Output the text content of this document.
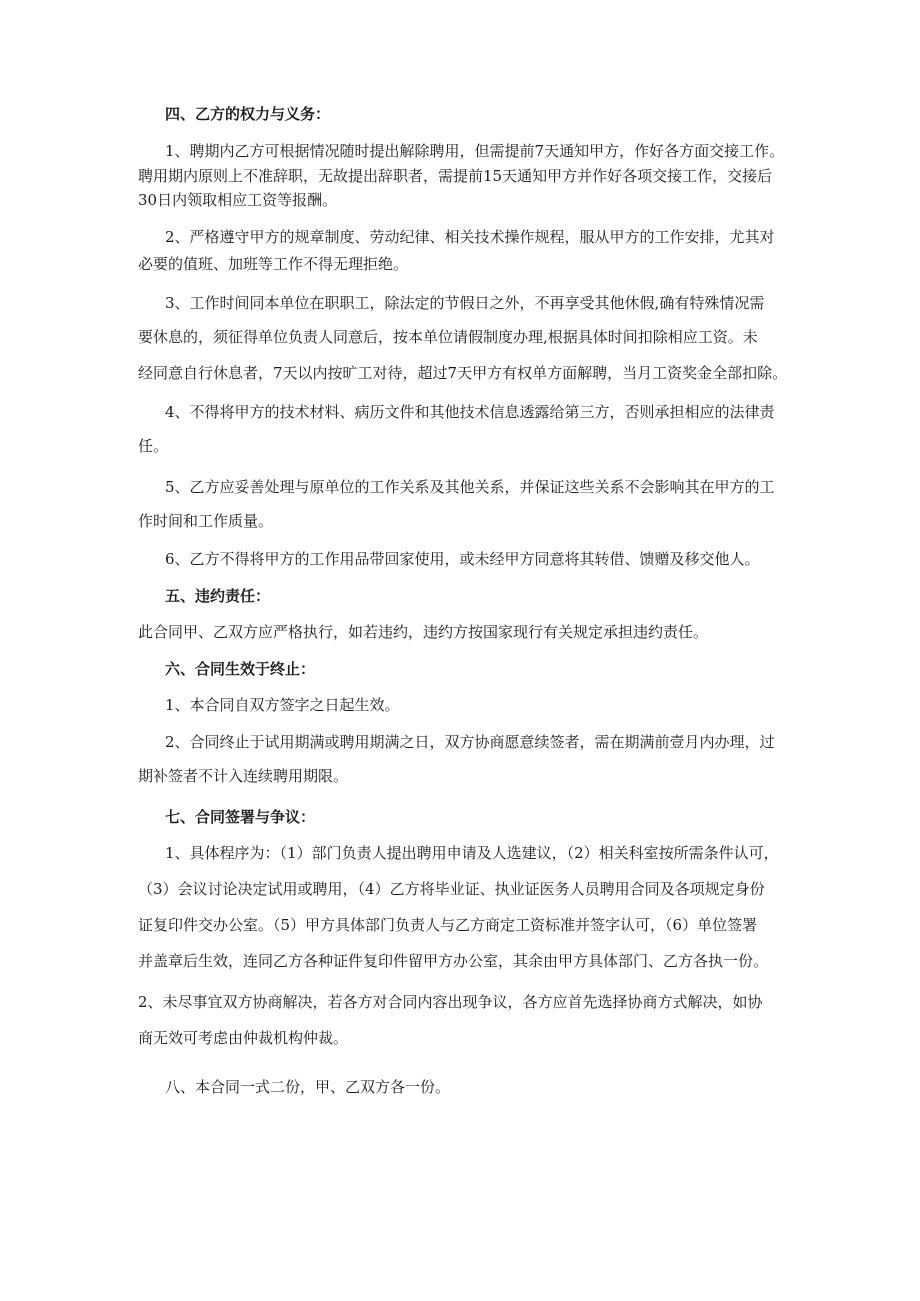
四、乙方的权力与义务：
1、聘期内乙方可根据情况随时提出解除聘用，但需提前7天通知甲方，作好各方面交接工作。
聘用期内原则上不准辞职，无故提出辞职者，需提前15天通知甲方并作好各项交接工作，交接后
30日内领取相应工资等报酬。
2、严格遵守甲方的规章制度、劳动纪律、相关技术操作规程，服从甲方的工作安排，尤其对
必要的值班、加班等工作不得无理拒绝。
3、工作时间同本单位在职职工，除法定的节假日之外，不再享受其他休假,确有特殊情况需
要休息的，须征得单位负责人同意后，按本单位请假制度办理,根据具体时间扣除相应工资。未
经同意自行休息者，7天以内按旷工对待，超过7天甲方有权单方面解聘，当月工资奖金全部扣除。
4、不得将甲方的技术材料、病历文件和其他技术信息透露给第三方，否则承担相应的法律责
任。
5、乙方应妥善处理与原单位的工作关系及其他关系，并保证这些关系不会影响其在甲方的工
作时间和工作质量。
6、乙方不得将甲方的工作用品带回家使用，或未经甲方同意将其转借、馈赠及移交他人。
五、违约责任：
此合同甲、乙双方应严格执行，如若违约，违约方按国家现行有关规定承担违约责任。
六、合同生效于终止：
1、本合同自双方签字之日起生效。
2、合同终止于试用期满或聘用期满之日，双方协商愿意续签者，需在期满前壹月内办理，过
期补签者不计入连续聘用期限。
七、合同签署与争议：
1、具体程序为：（1）部门负责人提出聘用申请及人选建议，（2）相关科室按所需条件认可，
（3）会议讨论决定试用或聘用，（4）乙方将毕业证、执业证医务人员聘用合同及各项规定身份
证复印件交办公室。（5）甲方具体部门负责人与乙方商定工资标准并签字认可，（6）单位签署
并盖章后生效，连同乙方各种证件复印件留甲方办公室，其余由甲方具体部门、乙方各执一份。
2、未尽事宜双方协商解决，若各方对合同内容出现争议，各方应首先选择协商方式解决，如协
商无效可考虑由仲裁机构仲裁。
八、本合同一式二份，甲、乙双方各一份。
